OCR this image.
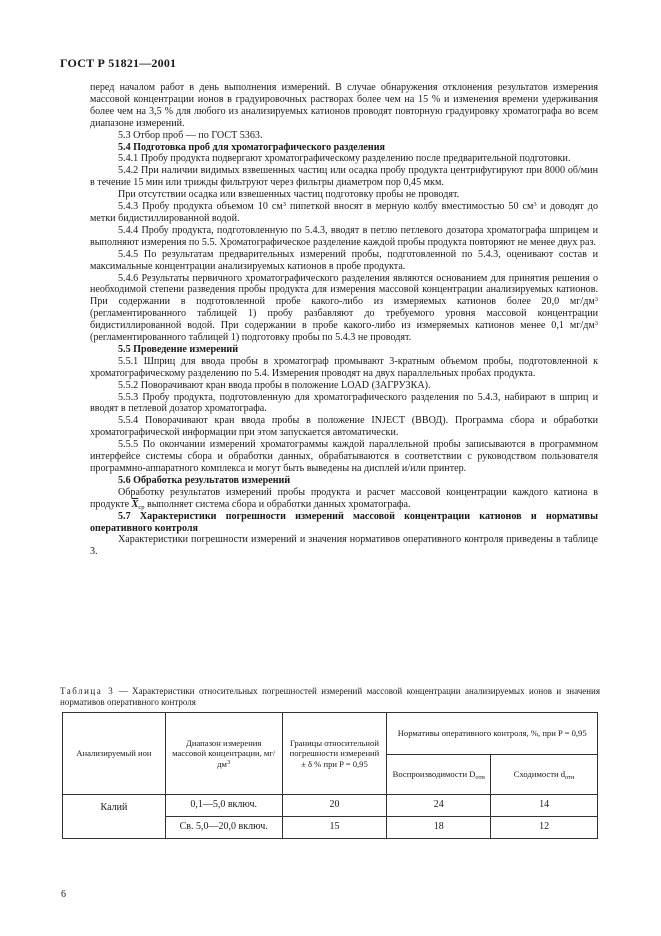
ГОСТ Р 51821—2001

перед началом работ в день выполнения измерений. В случае обнаружения отклонения результатов измерения массовой концентрации ионов в градуировочных растворах более чем на 15 % и изменения времени удерживания более чем на 3,5 % для любого из анализируемых катионов проводят повторную градуировку хроматографа во всем диапазоне измерений.

5.3 Отбор проб — по ГОСТ 5363.

5.4 Подготовка проб для хроматографического разделения

5.4.1 Пробу продукта подвергают хроматографическому разделению после предварительной подготовки.

5.4.2 При наличии видимых взвешенных частиц или осадка пробу продукта центрифугируют при 8000 об/мин в течение 15 мин или трижды фильтруют через фильтры диаметром пор 0,45 мкм.

При отсутствии осадка или взвешенных частиц подготовку пробы не проводят.

5.4.3 Пробу продукта объемом 10 $см^3$ пипеткой вносят в мерную колбу вместимостью 50 $см^3$ и доводят до метки бидистиллированной водой.

5.4.4 Пробу продукта, подготовленную по 5.4.3, вводят в петлю петлевого дозатора хроматографа шприцем и выполняют измерения по 5.5. Хроматографическое разделение каждой пробы продукта повторяют не менее двух раз.

5.4.5 По результатам предварительных измерений пробы, подготовленной по 5.4.3, оценивают состав и максимальные концентрации анализируемых катионов в пробе продукта.

5.4.6 Результаты первичного хроматографического разделения являются основанием для принятия решения о необходимой степени разведения пробы продукта для измерения массовой концентрации анализируемых катионов. При содержании в подготовленной пробе какого-либо из измеряемых катионов более 20,0 $мг/дм^3$ (регламентированного таблицей 1) пробу разбавляют до требуемого уровня массовой концентрации бидистиллированной водой. При содержании в пробе какого-либо из измеряемых катионов менее 0,1 $мг/дм^3$ (регламентированного таблицей 1) подготовку пробы по 5.4.3 не проводят.

5.5 Проведение измерений

5.5.1 Шприц для ввода пробы в хроматограф промывают 3-кратным объемом пробы, подготовленной к хроматографическому разделению по 5.4. Измерения проводят на двух параллельных пробах продукта.

5.5.2 Поворачивают кран ввода пробы в положение LOAD (ЗАГРУЗКА).

5.5.3 Пробу продукта, подготовленную для хроматографического разделения по 5.4.3, набирают в шприц и вводят в петлевой дозатор хроматографа.

5.5.4 Поворачивают кран ввода пробы в положение INJECT (ВВОД). Программа сбора и обработки хроматографической информации при этом запускается автоматически.

5.5.5 По окончании измерений хроматограммы каждой параллельной пробы записываются в программном интерфейсе системы сбора и обработки данных, обрабатываются в соответствии с руководством пользователя программно-аппаратного комплекса и могут быть выведены на дисплей и/или принтер.

5.6 Обработка результатов измерений

Обработку результатов измерений пробы продукта и расчет массовой концентрации каждого катиона в продукте $\overline{X}_{ср}$ выполняет система сбора и обработки данных хроматографа.

5.7 Характеристики погрешности измерений массовой концентрации катионов и нормативы оперативного контроля

Характеристики погрешности измерений и значения нормативов оперативного контроля приведены в таблице 3.

Таблица 3 — Характеристики относительных погрешностей измерений массовой концентрации анализируемых ионов и значения нормативов оперативного контроля
Анализируемый ион	Диапазон измерения массовой концентрации, $мг/дм^3$	Границы относительной погрешности измерений ± δ % при P = 0,95	Нормативы оперативного контроля, %, при P = 0,95	
			Воспроизводимости $D_{отн}$	Сходимости $d_{отн}$
Калий	0,1—5,0 включ.	20	24	14
	Св. 5,0—20,0 включ.	15	18	12
6
